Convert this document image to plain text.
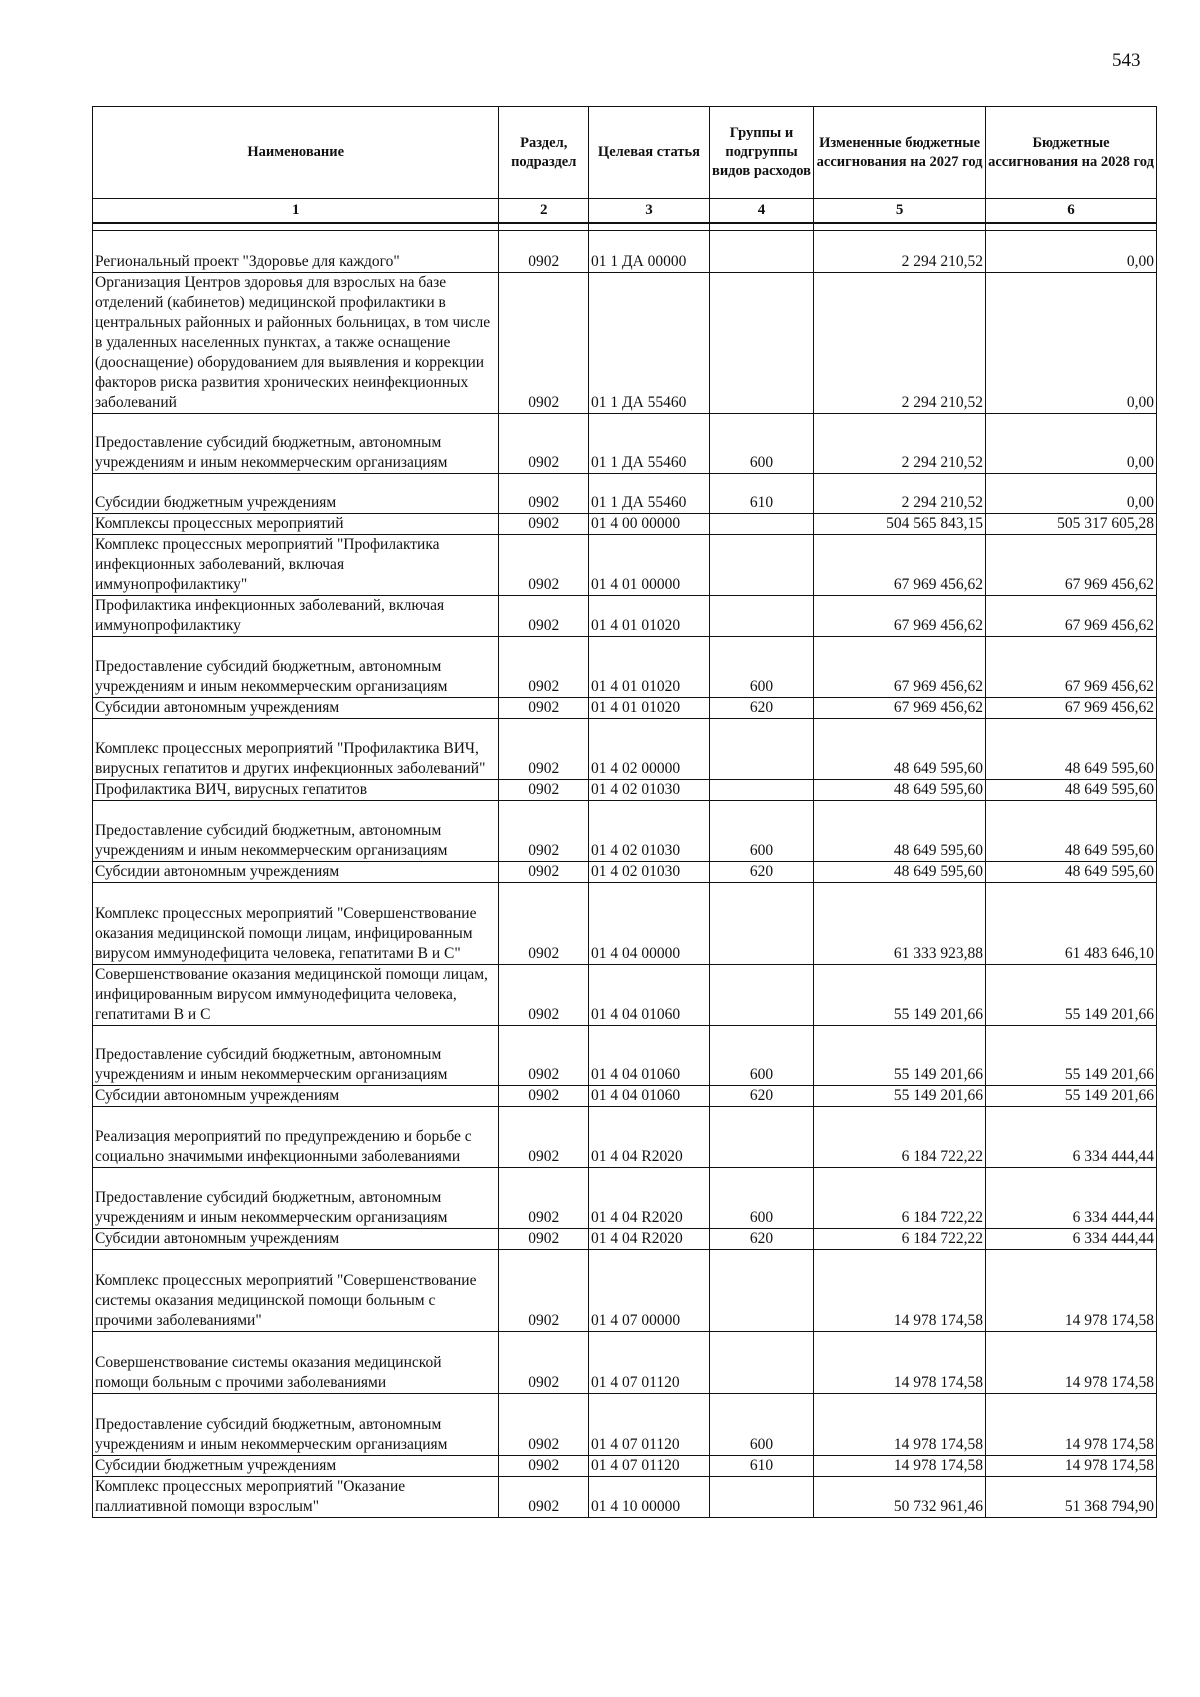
543
Наименование	Раздел, подраздел	Целевая статья	Группы и подгруппы видов расходов	Измененные бюджетные ассигнования на 2027 год	Бюджетные ассигнования на 2028 год
1	2	3	4	5	6

Региональный проект "Здоровье для каждого"	0902	01 1 ДА 00000		2 294 210,52	0,00
Организация Центров здоровья для взрослых на базе отделений (кабинетов) медицинской профилактики в центральных районных и районных больницах, в том числе в удаленных населенных пунктах, а также оснащение (дооснащение) оборудованием для выявления и коррекции факторов риска развития хронических неинфекционных заболеваний	0902	01 1 ДА 55460		2 294 210,52	0,00
Предоставление субсидий бюджетным, автономным учреждениям и иным некоммерческим организациям	0902	01 1 ДА 55460	600	2 294 210,52	0,00
Субсидии бюджетным учреждениям	0902	01 1 ДА 55460	610	2 294 210,52	0,00
Комплексы процессных мероприятий	0902	01 4 00 00000		504 565 843,15	505 317 605,28
Комплекс процессных мероприятий "Профилактика инфекционных заболеваний, включая иммунопрофилактику"	0902	01 4 01 00000		67 969 456,62	67 969 456,62
Профилактика инфекционных заболеваний, включая иммунопрофилактику	0902	01 4 01 01020		67 969 456,62	67 969 456,62
Предоставление субсидий бюджетным, автономным учреждениям и иным некоммерческим организациям	0902	01 4 01 01020	600	67 969 456,62	67 969 456,62
Субсидии автономным учреждениям	0902	01 4 01 01020	620	67 969 456,62	67 969 456,62
Комплекс процессных мероприятий "Профилактика ВИЧ, вирусных гепатитов и других инфекционных заболеваний"	0902	01 4 02 00000		48 649 595,60	48 649 595,60
Профилактика ВИЧ, вирусных гепатитов	0902	01 4 02 01030		48 649 595,60	48 649 595,60
Предоставление субсидий бюджетным, автономным учреждениям и иным некоммерческим организациям	0902	01 4 02 01030	600	48 649 595,60	48 649 595,60
Субсидии автономным учреждениям	0902	01 4 02 01030	620	48 649 595,60	48 649 595,60
Комплекс процессных мероприятий "Совершенствование оказания медицинской помощи лицам, инфицированным вирусом иммунодефицита человека, гепатитами В и С"	0902	01 4 04 00000		61 333 923,88	61 483 646,10
Совершенствование оказания медицинской помощи лицам, инфицированным вирусом иммунодефицита человека, гепатитами В и С	0902	01 4 04 01060		55 149 201,66	55 149 201,66
Предоставление субсидий бюджетным, автономным учреждениям и иным некоммерческим организациям	0902	01 4 04 01060	600	55 149 201,66	55 149 201,66
Субсидии автономным учреждениям	0902	01 4 04 01060	620	55 149 201,66	55 149 201,66
Реализация мероприятий по предупреждению и борьбе с социально значимыми инфекционными заболеваниями	0902	01 4 04 R2020		6 184 722,22	6 334 444,44
Предоставление субсидий бюджетным, автономным учреждениям и иным некоммерческим организациям	0902	01 4 04 R2020	600	6 184 722,22	6 334 444,44
Субсидии автономным учреждениям	0902	01 4 04 R2020	620	6 184 722,22	6 334 444,44
Комплекс процессных мероприятий "Совершенствование системы оказания медицинской помощи больным с прочими заболеваниями"	0902	01 4 07 00000		14 978 174,58	14 978 174,58
Совершенствование системы оказания медицинской помощи больным с прочими заболеваниями	0902	01 4 07 01120		14 978 174,58	14 978 174,58
Предоставление субсидий бюджетным, автономным учреждениям и иным некоммерческим организациям	0902	01 4 07 01120	600	14 978 174,58	14 978 174,58
Субсидии бюджетным учреждениям	0902	01 4 07 01120	610	14 978 174,58	14 978 174,58
Комплекс процессных мероприятий "Оказание паллиативной помощи взрослым"	0902	01 4 10 00000		50 732 961,46	51 368 794,90
